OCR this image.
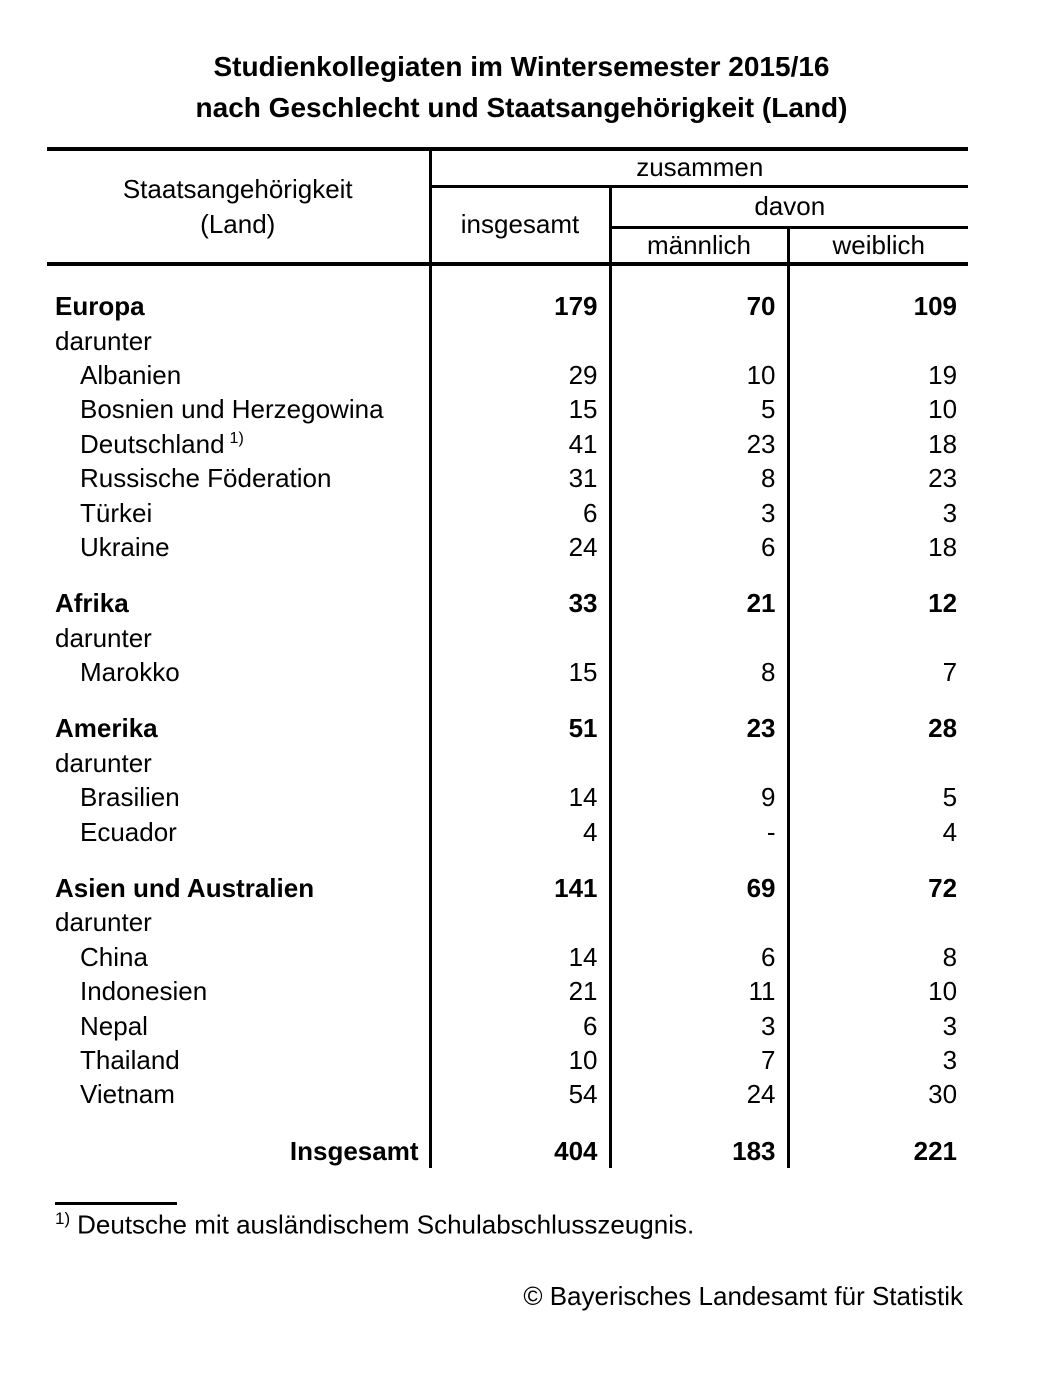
Studienkollegiaten im Wintersemester 2015/16
nach Geschlecht und Staatsangehörigkeit (Land)
Staatsangehörigkeit
(Land)	zusammen		
	insgesamt	davon	
		männlich	weiblich

Europa	179	70	109
darunter			
Albanien	29	10	19
Bosnien und Herzegowina	15	5	10
Deutschland $^{1)}$	41	23	18
Russische Föderation	31	8	23
Türkei	6	3	3
Ukraine	24	6	18

Afrika	33	21	12
darunter			
Marokko	15	8	7

Amerika	51	23	28
darunter			
Brasilien	14	9	5
Ecuador	4	-	4

Asien und Australien	141	69	72
darunter			
China	14	6	8
Indonesien	21	11	10
Nepal	6	3	3
Thailand	10	7	3
Vietnam	54	24	30

Insgesamt	404	183	221
$^{1)}$ Deutsche mit ausländischem Schulabschlusszeugnis.
© Bayerisches Landesamt für Statistik
